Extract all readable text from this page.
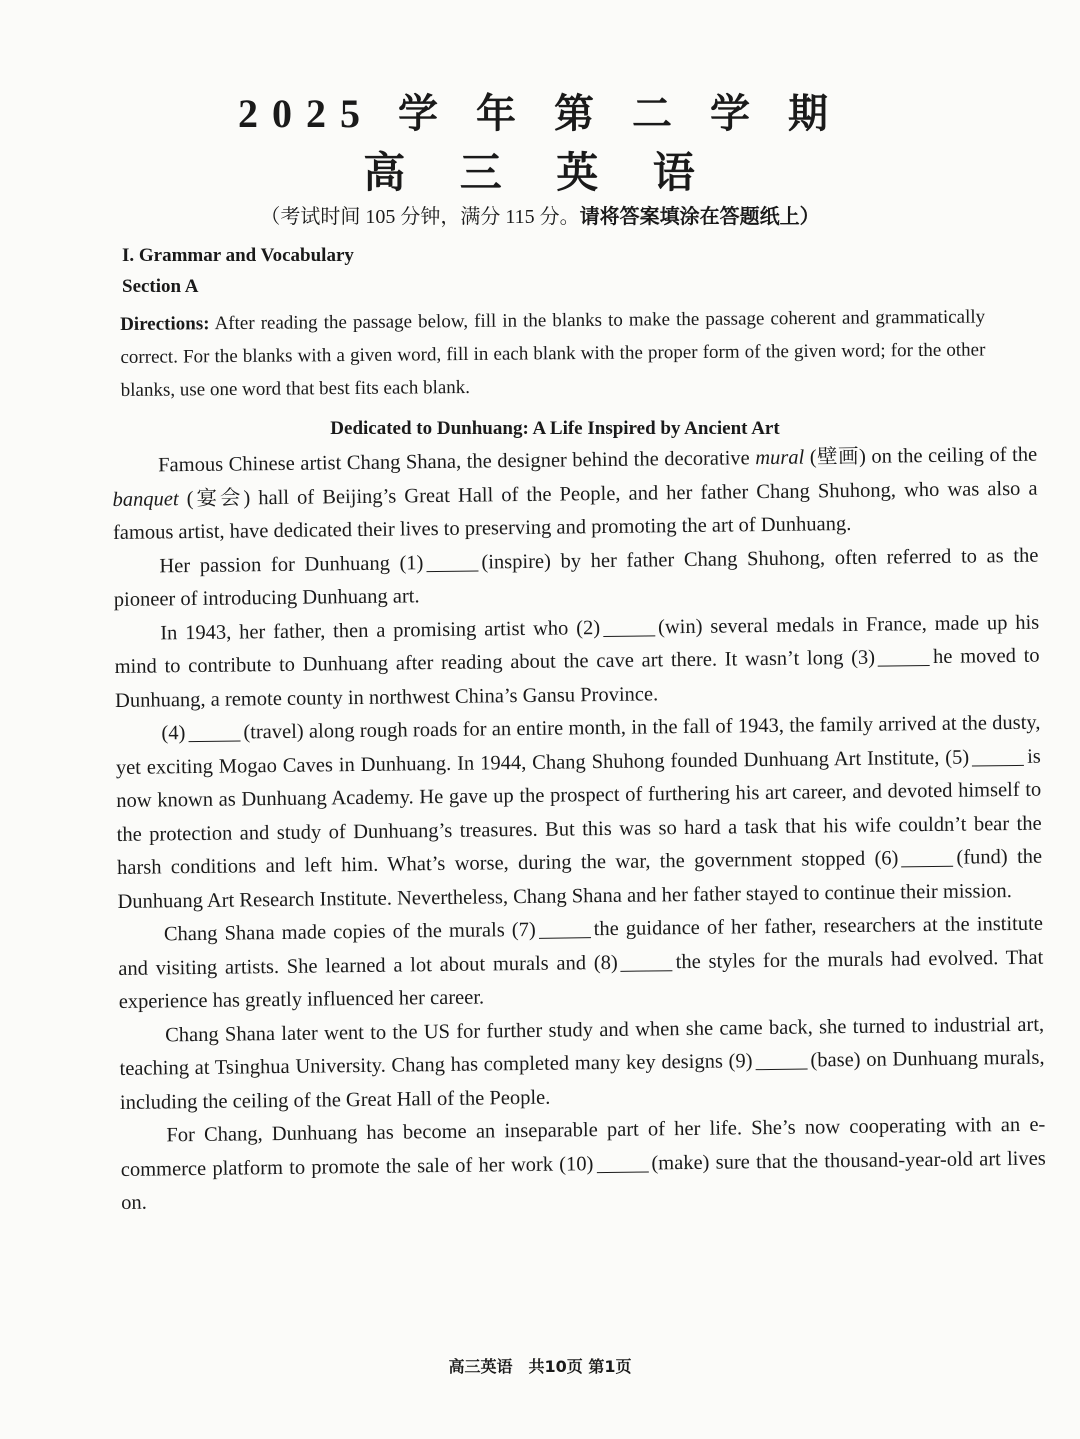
2025 学 年 第 二 学 期
高 三 英 语
（考试时间 105 分钟，满分 115 分。请将答案填涂在答题纸上）
I. Grammar and Vocabulary
Section A
Directions: After reading the passage below, fill in the blanks to make the passage coherent and grammatically correct. For the blanks with a given word, fill in each blank with the proper form of the given word; for the other blanks, use one word that best fits each blank.
Dedicated to Dunhuang: A Life Inspired by Ancient Art

Famous Chinese artist Chang Shana, the designer behind the decorative mural (壁画) on the ceiling of the banquet (宴会) hall of Beijing’s Great Hall of the People, and her father Chang Shuhong, who was also a famous artist, have dedicated their lives to preserving and promoting the art of Dunhuang.

Her passion for Dunhuang (1)	(inspire) by her father Chang Shuhong, often referred to as the pioneer of introducing Dunhuang art.

In 1943, her father, then a promising artist who (2)	(win) several medals in France, made up his mind to contribute to Dunhuang after reading about the cave art there. It wasn’t long (3)	he moved to Dunhuang, a remote county in northwest China’s Gansu Province.

(4)	(travel) along rough roads for an entire month, in the fall of 1943, the family arrived at the dusty, yet exciting Mogao Caves in Dunhuang. In 1944, Chang Shuhong founded Dunhuang Art Institute, (5)	is now known as Dunhuang Academy. He gave up the prospect of furthering his art career, and devoted himself to the protection and study of Dunhuang’s treasures. But this was so hard a task that his wife couldn’t bear the harsh conditions and left him. What’s worse, during the war, the government stopped (6)	(fund) the Dunhuang Art Research Institute. Nevertheless, Chang Shana and her father stayed to continue their mission.

Chang Shana made copies of the murals (7)	the guidance of her father, researchers at the institute and visiting artists. She learned a lot about murals and (8)	the styles for the murals had evolved. That experience has greatly influenced her career.

Chang Shana later went to the US for further study and when she came back, she turned to industrial art, teaching at Tsinghua University. Chang has completed many key designs (9)	(base) on Dunhuang murals, including the ceiling of the Great Hall of the People.

For Chang, Dunhuang has become an inseparable part of her life. She’s now cooperating with an e-commerce platform to promote the sale of her work (10)	(make) sure that the thousand-year-old art lives on.

高三英语　共10页 第1页
